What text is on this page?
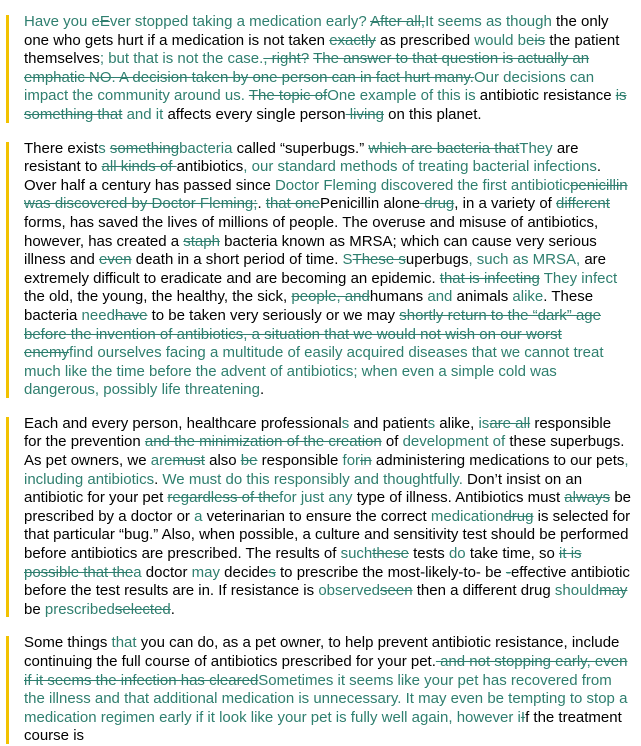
Have you eEver stopped taking a medication early? After all,It seems as though the only one who gets hurt if a medication is not taken exactly as prescribed would beis the patient themselves; but that is not the case., right? The answer to that question is actually an emphatic NO. A decision taken by one person can in fact hurt many.Our decisions can impact the community around us. The topic ofOne example of this is antibiotic resistance is something that and it affects every single person living on this planet.
There exists somethingbacteria called “superbugs.” which are bacteria thatThey are resistant to all kinds of antibiotics, our standard methods of treating bacterial infections. Over half a century has passed since Doctor Fleming discovered the first antibioticpenicillin was discovered by Doctor Fleming;. that onePenicillin alone drug, in a variety of different forms, has saved the lives of millions of people. The overuse and misuse of antibiotics, however, has created a staph bacteria known as MRSA; which can cause very serious illness and even death in a short period of time. SThese superbugs, such as MRSA, are extremely difficult to eradicate and are becoming an epidemic. that is infecting They infect the old, the young, the healthy, the sick, people, andhumans and animals alike. These bacteria needhave to be taken very seriously or we may shortly return to the “dark” age before the invention of antibiotics, a situation that we would not wish on our worst enemyfind ourselves facing a multitude of easily acquired diseases that we cannot treat much like the time before the advent of antibiotics; when even a simple cold was dangerous, possibly life threatening.
Each and every person, healthcare professionals and patients alike, isare all responsible for the prevention and the minimization of the creation of development of these superbugs. As pet owners, we aremust also be responsible forin administering medications to our pets, including antibiotics. We must do this responsibly and thoughtfully. Don’t insist on an antibiotic for your pet regardless of thefor just any type of illness. Antibiotics must always be prescribed by a doctor or a veterinarian to ensure the correct medicationdrug is selected for that particular “bug.” Also, when possible, a culture and sensitivity test should be performed before antibiotics are prescribed. The results of suchthese tests do take time, so it is possible that thea doctor may decides to prescribe the most-likely-to- be -effective antibiotic before the test results are in. If resistance is observedseen then a different drug shouldmay be prescribedselected.
Some things that you can do, as a pet owner, to help prevent antibiotic resistance, include continuing the full course of antibiotics prescribed for your pet. and not stopping early, even if it seems the infection has clearedSometimes it seems like your pet has recovered from the illness and that additional medication is unnecessary. It may even be tempting to stop a medication regimen early if it look like your pet is fully well again, however iIf the treatment course is
